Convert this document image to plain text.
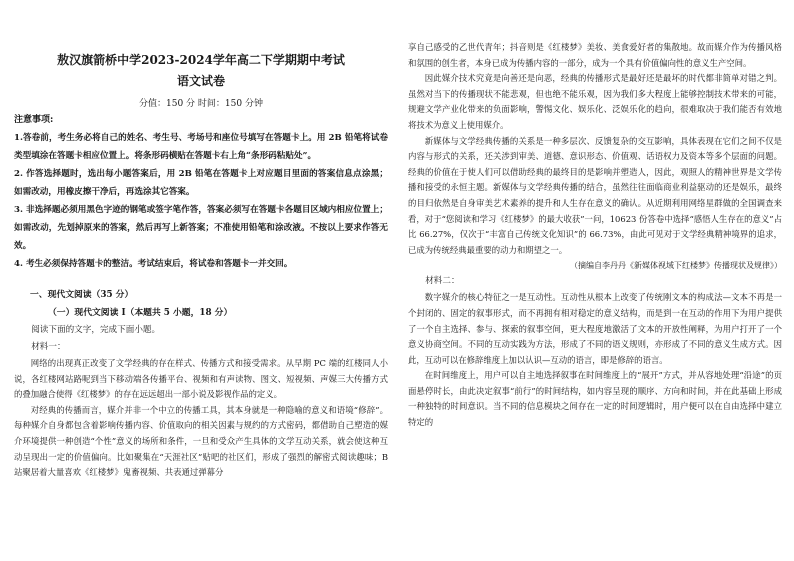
敖汉旗箭桥中学2023-2024学年高二下学期期中考试

语文试卷

分值：150 分 时间：150 分钟
注意事项:

1.答卷前，考生务必将自己的姓名、考生号、考场号和座位号填写在答题卡上。用 2B 铅笔将试卷类型填涂在答题卡相应位置上。将条形码横贴在答题卡右上角“条形码粘贴处”。

2. 作答选择题时，选出每小题答案后，用 2B 铅笔在答题卡上对应题目里面的答案信息点涂黑；如需改动，用橡皮擦干净后，再选涂其它答案。

3. 非选择题必须用黑色字迹的钢笔或签字笔作答，答案必须写在答题卡各题目区域内相应位置上；如需改动，先划掉原来的答案，然后再写上新答案；不准使用铅笔和涂改液。不按以上要求作答无效。

4. 考生必须保持答题卡的整洁。考试结束后，将试卷和答题卡一并交回。

一、现代文阅读（35 分）

（一）现代文阅读 I（本题共 5 小题，18 分）

阅读下面的文字，完成下面小题。

材料一：

网络的出现真正改变了文学经典的存在样式、传播方式和接受需求。从早期 PC 端的红楼同人小说，各红楼网站路呢到当下移动端各传播平台、视频和有声读物、图文、短视频、声媒三大传播方式的叠加融合使得《红楼梦》的存在远远超出一部小说及影视作品的定义。

对经典的传播而言，媒介并非一个中立的传播工具，其本身就是一种隐喻的意义和语境“修辞”。每种媒介自身都包含着影响传播内容、价值取向的相关因素与规约的方式密码，都借助自己塑造的媒介环境提供一种创造“个性”意义的场所和条件，一旦和受众产生具体的文学互动关系，就会使这种互动呈现出一定的价值偏向。比如聚集在“天涯社区”贴吧的社区们，形成了强烈的解密式阅读趣味；B 站聚居着大量喜欢《红楼梦》鬼畜视频、共表通过弹幕分

享自己感受的乙世代青年；抖音则是《红楼梦》美妆、美食爱好者的集散地。故而媒介作为传播风格和氛围的创生者，本身已成为传播内容的一部分，成为一个具有价值偏向性的意义生产空间。

因此媒介技术究竟是向善还是向恶，经典的传播形式是最好还是最坏的时代都非简单对错之判。虽然对当下的传播现状不能悲观，但也绝不能乐观，因为我们多大程度上能够控制技术带来的可能，规避文学产业化带来的负面影响，警惕文化、娱乐化、泛娱乐化的趋向，很难取决于我们能否有效地将技术为意义上使用媒介。

新媒体与文学经典传播的关系是一种多层次、反馈复杂的交互影响，具体表现在它们之间不仅是内容与形式的关系，还关涉到审美、道德、意识形态、价值观、话语权力及资本等多个层面的问题。经典的价值在于使人们可以借助经典的最终目的是影响并塑造人，因此，观照人的精神世界是文学传播和接受的永恒主题。新媒体与文学经典传播的结合，虽然往往面临商业利益驱动的还是娱乐，最终的目归依然是自身审美艺术素养的提升和人生存在意义的确认。从近期利用网络星群做的全国调查来看，对于“您阅读和学习《红楼梦》的最大收获”一问，10623 份答卷中选择“感悟人生存在的意义”占比 66.27%，仅次于“丰富自己传统文化知识”的 66.73%，由此可见对于文学经典精神境界的追求，已成为传统经典最重要的动力和期望之一。

（摘编自李丹丹《新媒体视域下红楼梦》传播现状及规律》）

材料二：

数字媒介的核心特征之一是互动性。互动性从根本上改变了传统刚文本的构成法—文本不再是一个封闭的、固定的叙事形式，而不再拥有相对稳定的意义结构，而是到一在互动的作用下为用户提供了一个自主选择、参与、探索的叙事空间，更大程度地激活了文本的开放性阐释，为用户打开了一个意义协商空间。不同的互动实践为方法，形成了不同的语义规则，亦形成了不同的意义生成方式。因此，互动可以在修辞维度上加以认识—互动的语言，即是修辞的语言。

在时间维度上，用户可以自主地选择叙事在时间维度上的“展开”方式，并从容地处理“沿途”的页面悬停时长，由此决定叙事“前行”的时间结构，如内容呈现的顺序、方向和时间，并在此基础上形成一种独特的时间意识。当不同的信息模块之间存在一定的时间逻辑时，用户便可以在自由选择中建立特定的
